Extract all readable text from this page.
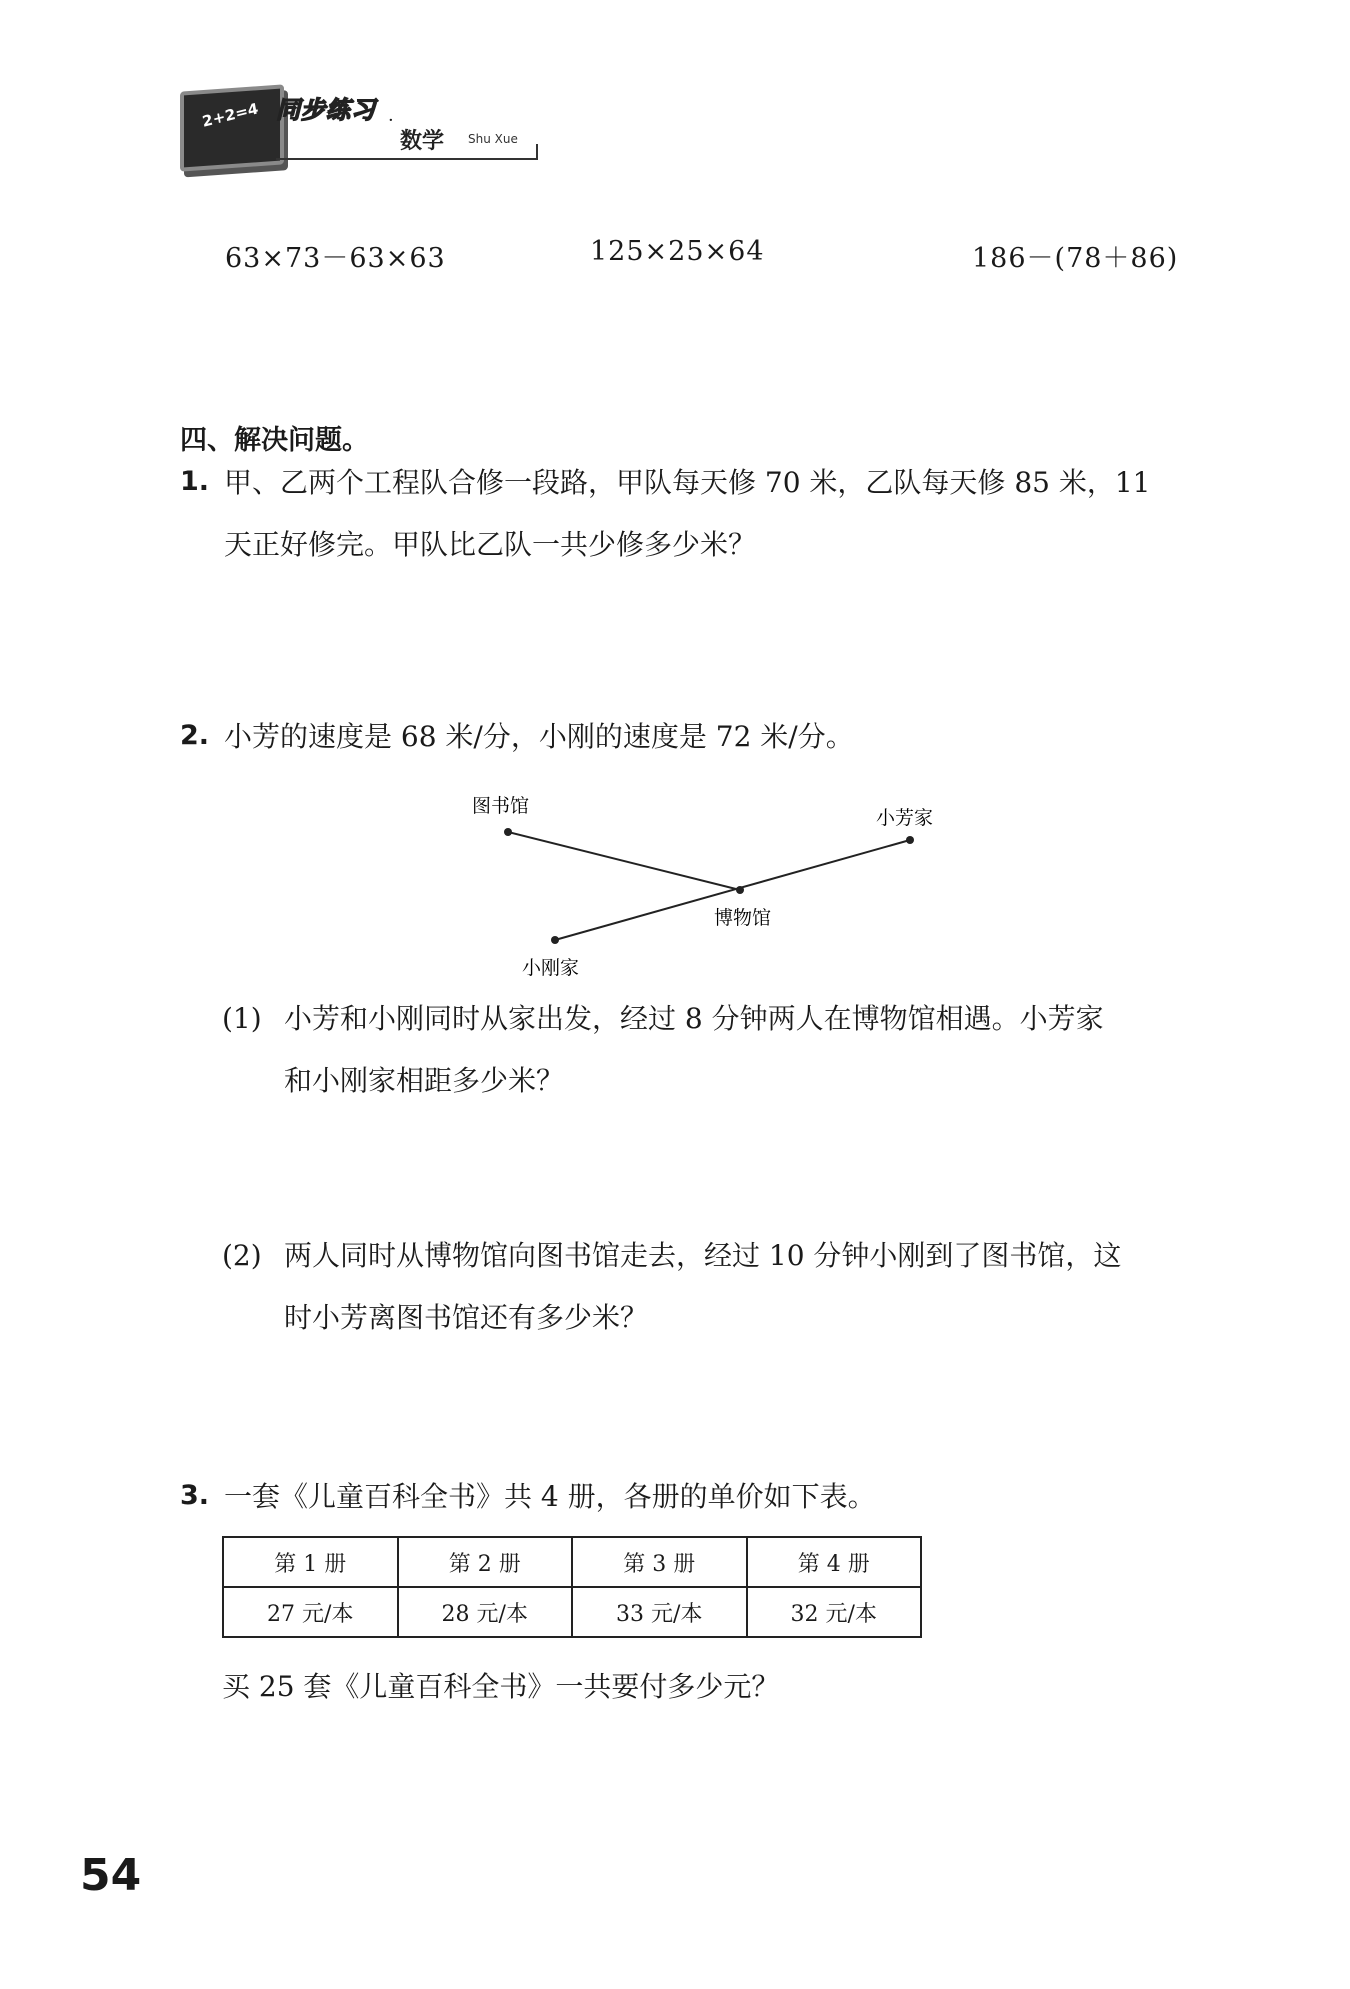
2+2=4 同步练习 ·
数学 Shu Xue
63×73－63×63	125×25×64	186－(78＋86)
四、解决问题。
1. 甲、乙两个工程队合修一段路，甲队每天修 70 米，乙队每天修 85 米，11
天正好修完。甲队比乙队一共少修多少米？
2. 小芳的速度是 68 米/分，小刚的速度是 72 米/分。
图书馆
小芳家
博物馆
小刚家
(1) 小芳和小刚同时从家出发，经过 8 分钟两人在博物馆相遇。小芳家
和小刚家相距多少米？
(2) 两人同时从博物馆向图书馆走去，经过 10 分钟小刚到了图书馆，这
时小芳离图书馆还有多少米？
3. 一套《儿童百科全书》共 4 册，各册的单价如下表。
第 1 册	第 2 册	第 3 册	第 4 册
27 元/本	28 元/本	33 元/本	32 元/本
买 25 套《儿童百科全书》一共要付多少元？
54
